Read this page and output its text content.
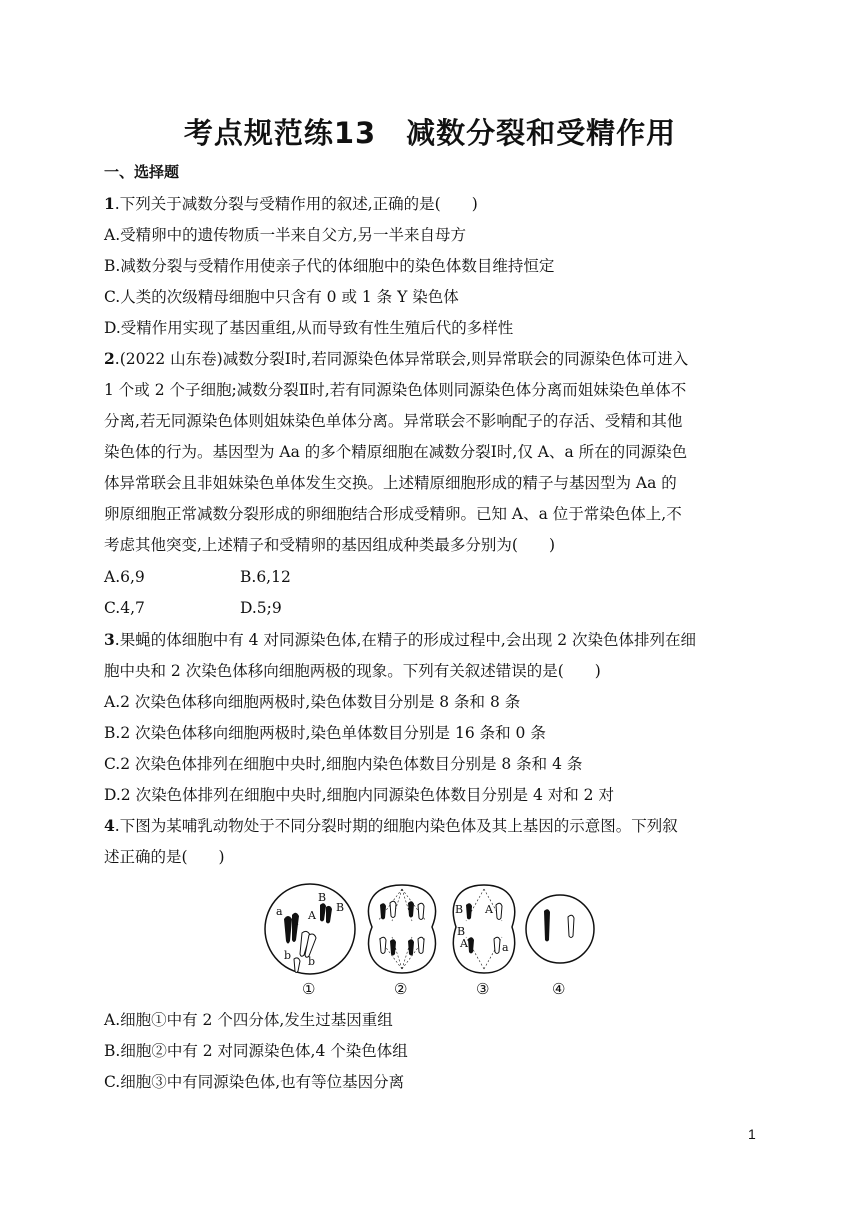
考点规范练13　减数分裂和受精作用
一、选择题
1.下列关于减数分裂与受精作用的叙述,正确的是(　　)
A.受精卵中的遗传物质一半来自父方,另一半来自母方
B.减数分裂与受精作用使亲子代的体细胞中的染色体数目维持恒定
C.人类的次级精母细胞中只含有 0 或 1 条 Y 染色体
D.受精作用实现了基因重组,从而导致有性生殖后代的多样性
2.(2022 山东卷)减数分裂Ⅰ时,若同源染色体异常联会,则异常联会的同源染色体可进入
1 个或 2 个子细胞;减数分裂Ⅱ时,若有同源染色体则同源染色体分离而姐妹染色单体不
分离,若无同源染色体则姐妹染色单体分离。异常联会不影响配子的存活、受精和其他
染色体的行为。基因型为 Aa 的多个精原细胞在减数分裂Ⅰ时,仅 A、a 所在的同源染色
体异常联会且非姐妹染色单体发生交换。上述精原细胞形成的精子与基因型为 Aa 的
卵原细胞正常减数分裂形成的卵细胞结合形成受精卵。已知 A、a 位于常染色体上,不
考虑其他突变,上述精子和受精卵的基因组成种类最多分别为(　　)
A.6,9	B.6,12
C.4,7	D.5;9
3.果蝇的体细胞中有 4 对同源染色体,在精子的形成过程中,会出现 2 次染色体排列在细
胞中央和 2 次染色体移向细胞两极的现象。下列有关叙述错误的是(　　)
A.2 次染色体移向细胞两极时,染色体数目分别是 8 条和 8 条
B.2 次染色体移向细胞两极时,染色单体数目分别是 16 条和 0 条
C.2 次染色体排列在细胞中央时,细胞内染色体数目分别是 8 条和 4 条
D.2 次染色体排列在细胞中央时,细胞内同源染色体数目分别是 4 对和 2 对
4.下图为某哺乳动物处于不同分裂时期的细胞内染色体及其上基因的示意图。下列叙
述正确的是(　　)
a
a A
B
B
b b
B A
B
A	a
①	②	③	④
A.细胞①中有 2 个四分体,发生过基因重组
B.细胞②中有 2 对同源染色体,4 个染色体组
C.细胞③中有同源染色体,也有等位基因分离
1
